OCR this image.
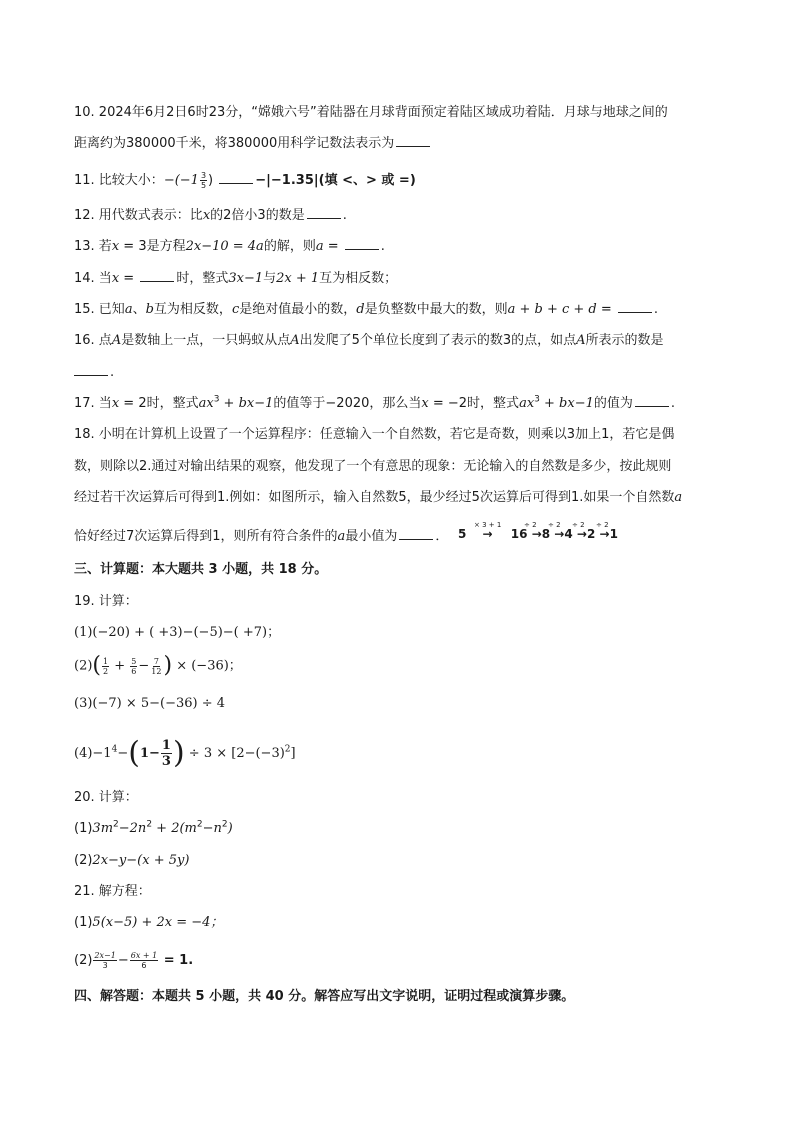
10. 2024年6月2日6时23分，“嫦娥六号”着陆器在月球背面预定着陆区域成功着陆．月球与地球之间的
距离约为380000千米，将380000用科学记数法表示为
11. 比较大小：$-(-1 \frac{3}{5}$ )	−|−1.35|(填 <、> 或 =)
12. 用代数式表示：比x的2倍小3的数是	.
13. 若x = 3是方程2x−10 = 4a的解，则a =	.
14. 当x =	时，整式3x−1与2x + 1互为相反数；
15. 已知a、b互为相反数，c是绝对值最小的数，d是负整数中最大的数，则a + b + c + d =	.
16. 点A是数轴上一点，一只蚂蚁从点A出发爬了5个单位长度到了表示的数3的点，如点A所表示的数是
.
17. 当x = 2时，整式$ax^3 + bx-1$的值等于−2020，那么当x = −2时，整式$ax^3 + bx-1$的值为	.
18. 小明在计算机上设置了一个运算程序：任意输入一个自然数，若它是奇数，则乘以3加上1，若它是偶
数，则除以2.通过对输出结果的观察，他发现了一个有意思的现象：无论输入的自然数是多少，按此规则
经过若干次运算后可得到1.例如：如图所示，输入自然数5，最少经过5次运算后可得到1.如果一个自然数a
恰好经过7次运算后得到1，则所有符合条件的a最小值为	． 5
× 3 + 1
→ 16
÷ 2
→8
÷ 2
→4
÷ 2
→2
÷ 2
→1
三、计算题：本大题共 3 小题，共 18 分。
19. 计算：
(1)(−20) + ( +3)−(−5)−( +7)；
$(2)( \frac{1}{2} + \frac{5}{6} - \frac{7}{12}$ ) × (−36)；
(3)(−7) × 5−(−36) ÷ 4
$(4)-1^4-(1- \frac{1}{3}$ ) ÷ $3 \times [2-(-3)^2]$
20. 计算：
$(1)3m^2-2n^2 + 2(m^2-n^2)$
(2)2x−y−(x + 5y)
21. 解方程：
(1)5(x−5) + 2x = −4；
$(2) \frac{2x-1}{3} - \frac{6x + 1}{6} = 1$.
四、解答题：本题共 5 小题，共 40 分。解答应写出文字说明，证明过程或演算步骤。
